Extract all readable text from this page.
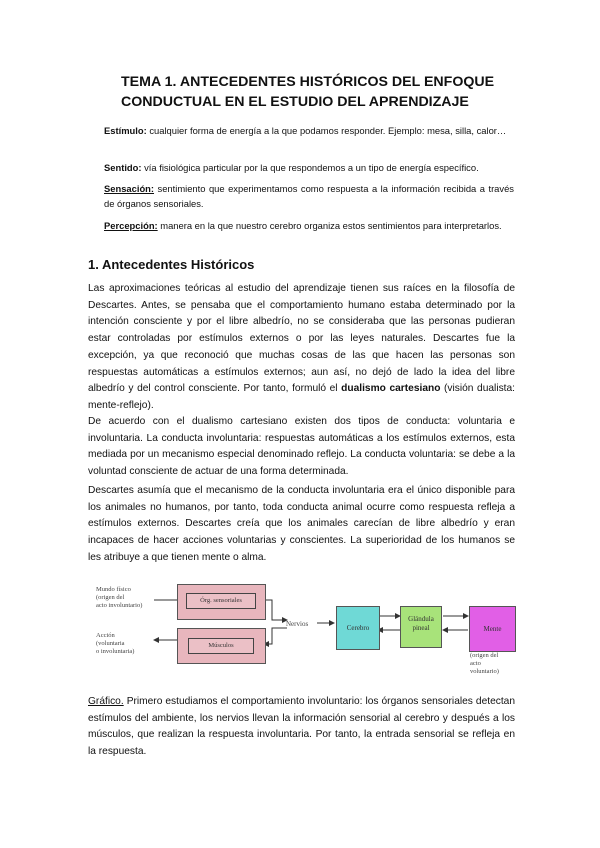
TEMA 1. ANTECEDENTES HISTÓRICOS DEL ENFOQUE CONDUCTUAL EN EL ESTUDIO DEL APRENDIZAJE
Estímulo: cualquier forma de energía a la que podamos responder. Ejemplo: mesa, silla, calor…
Sentido: vía fisiológica particular por la que respondemos a un tipo de energía específico.
Sensación: sentimiento que experimentamos como respuesta a la información recibida a través de órganos sensoriales.
Percepción: manera en la que nuestro cerebro organiza estos sentimientos para interpretarlos.
1. Antecedentes Históricos
Las aproximaciones teóricas al estudio del aprendizaje tienen sus raíces en la filosofía de Descartes. Antes, se pensaba que el comportamiento humano estaba determinado por la intención consciente y por el libre albedrío, no se consideraba que las personas pudieran estar controladas por estímulos externos o por las leyes naturales. Descartes fue la excepción, ya que reconoció que muchas cosas de las que hacen las personas son respuestas automáticas a estímulos externos; aun así, no dejó de lado la idea del libre albedrío y del control consciente. Por tanto, formuló el dualismo cartesiano (visión dualista: mente-reflejo).
De acuerdo con el dualismo cartesiano existen dos tipos de conducta: voluntaria e involuntaria. La conducta involuntaria: respuestas automáticas a los estímulos externos, esta mediada por un mecanismo especial denominado reflejo. La conducta voluntaria: se debe a la voluntad consciente de actuar de una forma determinada.
Descartes asumía que el mecanismo de la conducta involuntaria era el único disponible para los animales no humanos, por tanto, toda conducta animal ocurre como respuesta refleja a estímulos externos. Descartes creía que los animales carecían de libre albedrío y eran incapaces de hacer acciones voluntarias y conscientes. La superioridad de los humanos se les atribuye a que tienen mente o alma.
Mundo físico
(origen del
acto involuntario)
Acción
(voluntaria
o involuntaria)
Órg. sensoriales
Músculos
Nervios	Cerebro
Glándula
pineal	Mente
(origen del
acto
voluntario)
Gráfico. Primero estudiamos el comportamiento involuntario: los órganos sensoriales detectan estímulos del ambiente, los nervios llevan la información sensorial al cerebro y después a los músculos, que realizan la respuesta involuntaria. Por tanto, la entrada sensorial se refleja en la respuesta.
